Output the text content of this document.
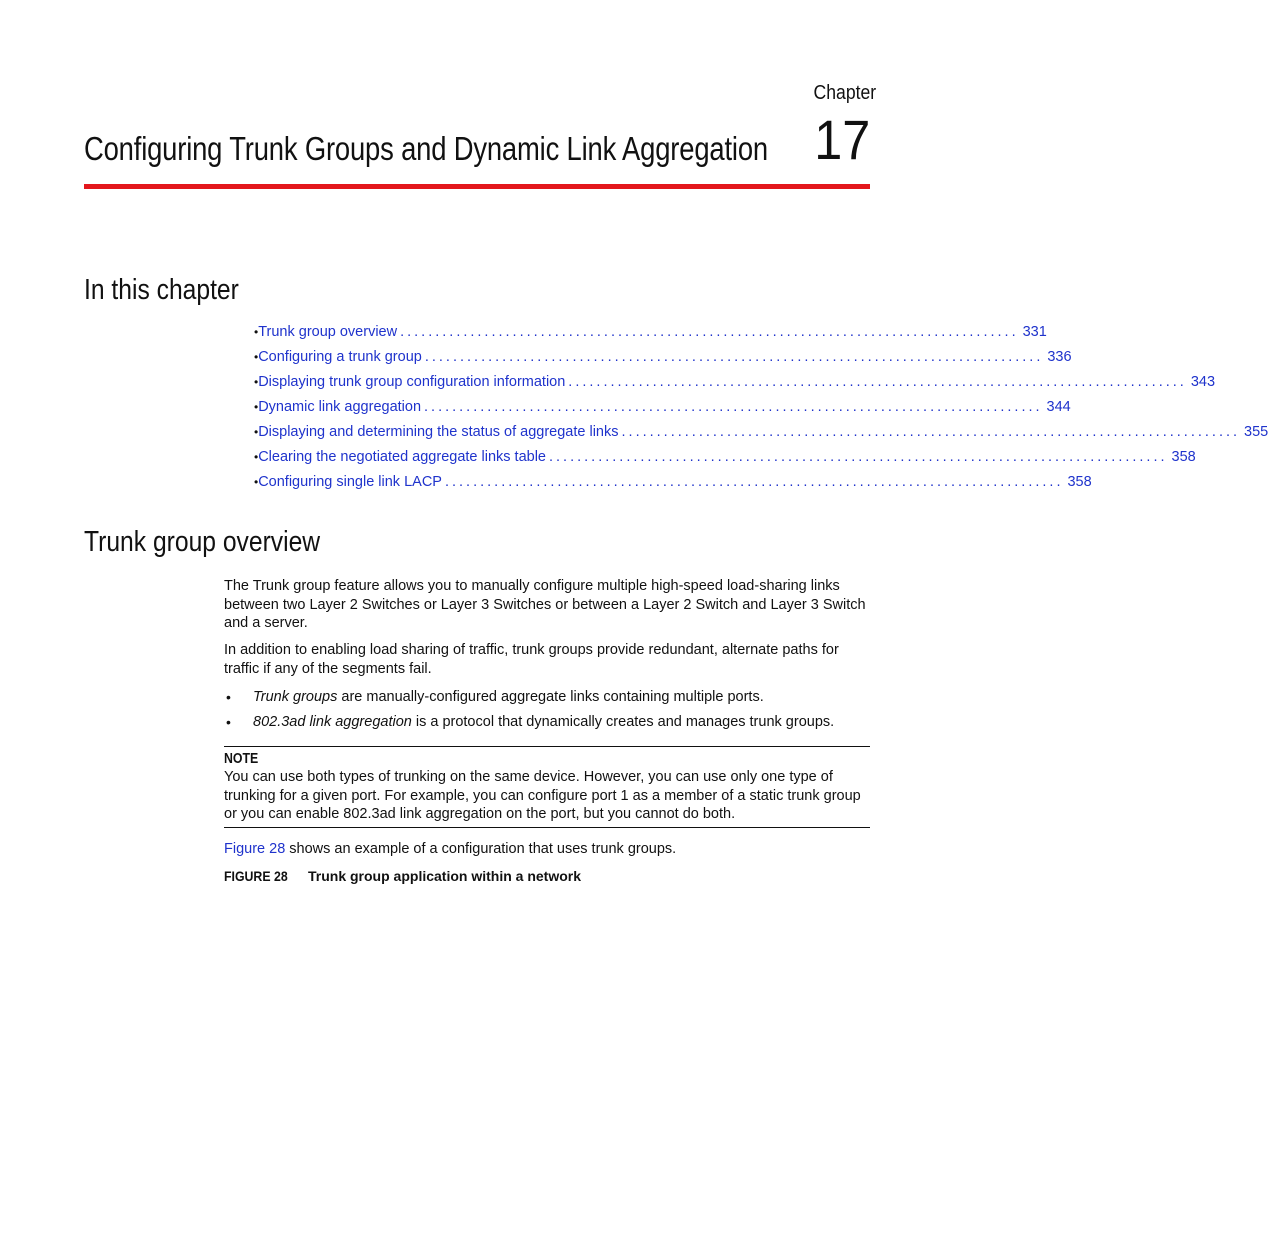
Chapter
Configuring Trunk Groups and Dynamic Link Aggregation 17
In this chapter
• Trunk group overview ........................................................................................ 331
• Configuring a trunk group ........................................................................................ 336
• Displaying trunk group configuration information ........................................................................................ 343
• Dynamic link aggregation ........................................................................................ 344
• Displaying and determining the status of aggregate links ........................................................................................ 355
• Clearing the negotiated aggregate links table ........................................................................................ 358
• Configuring single link LACP ........................................................................................ 358
Trunk group overview

The Trunk group feature allows you to manually configure multiple high-speed load-sharing links between two Layer 2 Switches or Layer 3 Switches or between a Layer 2 Switch and Layer 3 Switch and a server.

In addition to enabling load sharing of traffic, trunk groups provide redundant, alternate paths for traffic if any of the segments fail.

• Trunk groups are manually-configured aggregate links containing multiple ports.
• 802.3ad link aggregation is a protocol that dynamically creates and manages trunk groups.
NOTE
You can use both types of trunking on the same device. However, you can use only one type of trunking for a given port. For example, you can configure port 1 as a member of a static trunk group or you can enable 802.3ad link aggregation on the port, but you cannot do both.
Figure 28 shows an example of a configuration that uses trunk groups.
FIGURE 28 Trunk group application within a network
